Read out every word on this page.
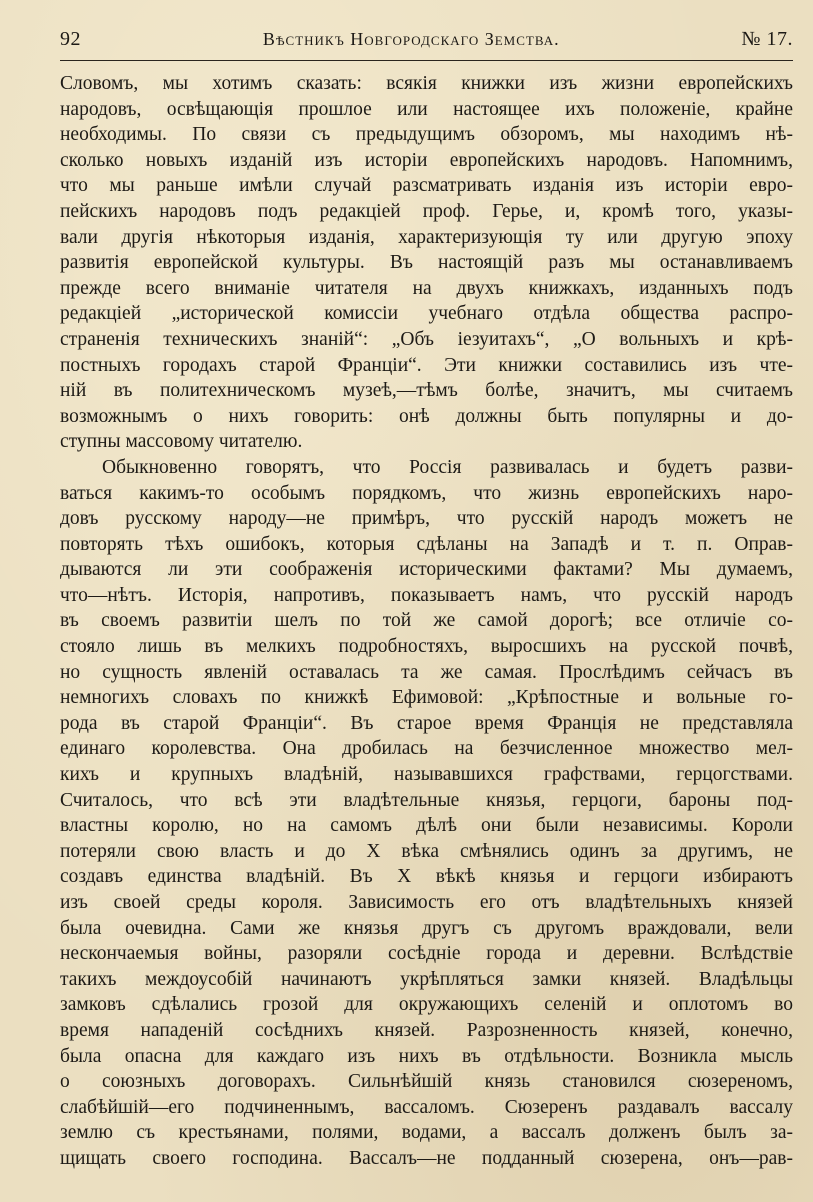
92	Вѣстникъ Новгородскаго Земства.	№ 17.
Словомъ, мы хотимъ сказать: всякія книжки изъ жизни европейскихъ
народовъ, освѣщающія прошлое или настоящее ихъ положеніе, крайне
необходимы. По связи съ предыдущимъ обзоромъ, мы находимъ нѣ-
сколько новыхъ изданій изъ исторіи европейскихъ народовъ. Напомнимъ,
что мы раньше имѣли случай разсматривать изданія изъ исторіи евро-
пейскихъ народовъ подъ редакціей проф. Герье, и, кромѣ того, указы-
вали другія нѣкоторыя изданія, характеризующія ту или другую эпоху
развитія европейской культуры. Въ настоящій разъ мы останавливаемъ
прежде всего вниманіе читателя на двухъ книжкахъ, изданныхъ подъ
редакціей „исторической комиссіи учебнаго отдѣла общества распро-
страненія техническихъ знаній“: „Объ іезуитахъ“, „О вольныхъ и крѣ-
постныхъ городахъ старой Франціи“. Эти книжки составились изъ чте-
ній въ политехническомъ музеѣ,—тѣмъ болѣе, значитъ, мы считаемъ
возможнымъ о нихъ говорить: онѣ должны быть популярны и до-
ступны массовому читателю.
Обыкновенно говорятъ, что Россія развивалась и будетъ разви-
ваться какимъ-то особымъ порядкомъ, что жизнь европейскихъ наро-
довъ русскому народу—не примѣръ, что русскій народъ можетъ не
повторять тѣхъ ошибокъ, которыя сдѣланы на Западѣ и т. п. Оправ-
дываются ли эти соображенія историческими фактами? Мы думаемъ,
что—нѣтъ. Исторія, напротивъ, показываетъ намъ, что русскій народъ
въ своемъ развитіи шелъ по той же самой дорогѣ; все отличіе со-
стояло лишь въ мелкихъ подробностяхъ, выросшихъ на русской почвѣ,
но сущность явленій оставалась та же самая. Прослѣдимъ сейчасъ въ
немногихъ словахъ по книжкѣ Ефимовой: „Крѣпостные и вольные го-
рода въ старой Франціи“. Въ старое время Франція не представляла
единаго королевства. Она дробилась на безчисленное множество мел-
кихъ и крупныхъ владѣній, называвшихся графствами, герцогствами.
Считалось, что всѣ эти владѣтельные князья, герцоги, бароны под-
властны королю, но на самомъ дѣлѣ они были независимы. Короли
потеряли свою власть и до X вѣка смѣнялись одинъ за другимъ, не
создавъ единства владѣній. Въ X вѣкѣ князья и герцоги избираютъ
изъ своей среды короля. Зависимость его отъ владѣтельныхъ князей
была очевидна. Сами же князья другъ съ другомъ враждовали, вели
нескончаемыя войны, разоряли сосѣдніе города и деревни. Вслѣдствіе
такихъ междоусобій начинаютъ укрѣпляться замки князей. Владѣльцы
замковъ сдѣлались грозой для окружающихъ селеній и оплотомъ во
время нападеній сосѣднихъ князей. Разрозненность князей, конечно,
была опасна для каждаго изъ нихъ въ отдѣльности. Возникла мысль
о союзныхъ договорахъ. Сильнѣйшій князь становился сюзереномъ,
слабѣйшій—его подчиненнымъ, вассаломъ. Сюзеренъ раздавалъ вассалу
землю съ крестьянами, полями, водами, а вассалъ долженъ былъ за-
щищать своего господина. Вассалъ—не подданный сюзерена, онъ—рав-
